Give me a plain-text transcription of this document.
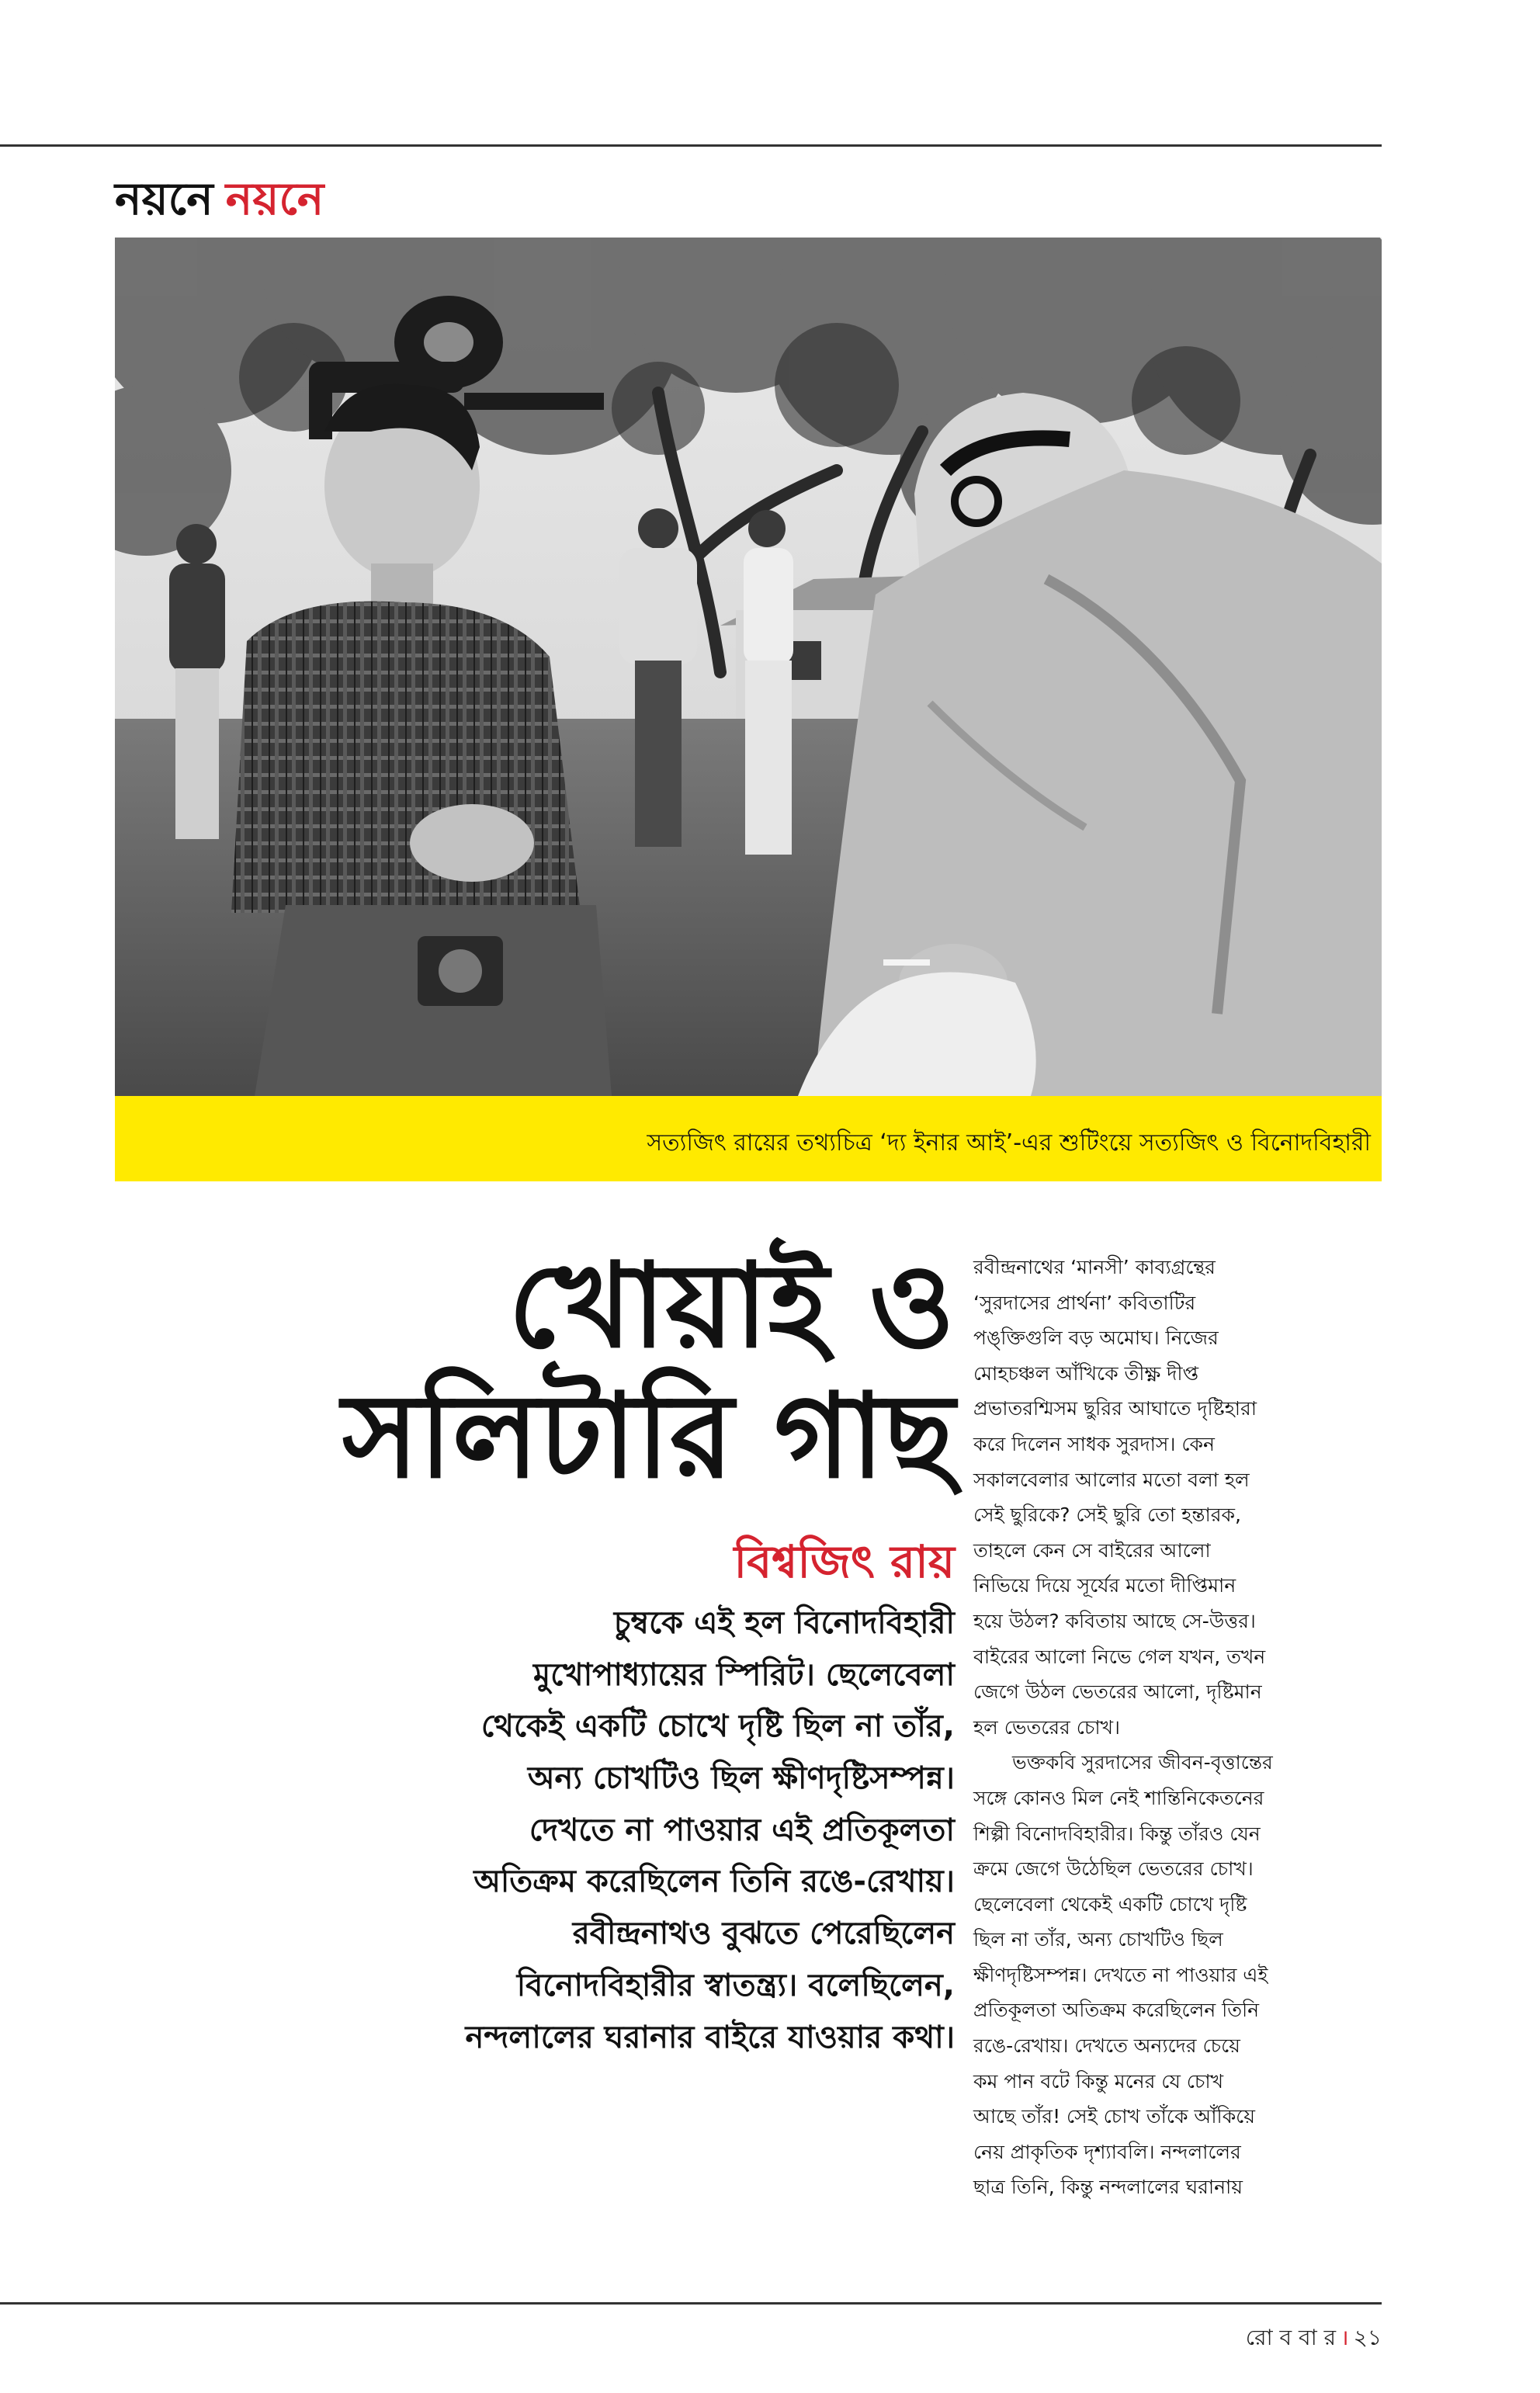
নয়নে নয়নে
সত্যজিৎ রায়ের তথ্যচিত্র ‘দ্য ইনার আই’-এর শুটিংয়ে সত্যজিৎ ও বিনোদবিহারী
খোয়াই ও
সলিটারি গাছ
বিশ্বজিৎ রায়
চুম্বকে এই হল বিনোদবিহারী
মুখোপাধ্যায়ের স্পিরিট। ছেলেবেলা
থেকেই একটি চোখে দৃষ্টি ছিল না তাঁর,
অন্য চোখটিও ছিল ক্ষীণদৃষ্টিসম্পন্ন।
দেখতে না পাওয়ার এই প্রতিকূলতা
অতিক্রম করেছিলেন তিনি রঙে-রেখায়।
রবীন্দ্রনাথও বুঝতে পেরেছিলেন
বিনোদবিহারীর স্বাতন্ত্র্য। বলেছিলেন,
নন্দলালের ঘরানার বাইরে যাওয়ার কথা।
রবীন্দ্রনাথের ‘মানসী’ কাব্যগ্রন্থের
‘সুরদাসের প্রার্থনা’ কবিতাটির
পঙ্‌ক্তিগুলি বড় অমোঘ। নিজের
মোহচঞ্চল আঁখিকে তীক্ষ্ণ দীপ্ত
প্রভাতরশ্মিসম ছুরির আঘাতে দৃষ্টিহারা
করে দিলেন সাধক সুরদাস। কেন
সকালবেলার আলোর মতো বলা হল
সেই ছুরিকে? সেই ছুরি তো হন্তারক,
তাহলে কেন সে বাইরের আলো
নিভিয়ে দিয়ে সূর্যের মতো দীপ্তিমান
হয়ে উঠল? কবিতায় আছে সে-উত্তর।
বাইরের আলো নিভে গেল যখন, তখন
জেগে উঠল ভেতরের আলো, দৃষ্টিমান
হল ভেতরের চোখ।
ভক্তকবি সুরদাসের জীবন-বৃত্তান্তের
সঙ্গে কোনও মিল নেই শান্তিনিকেতনের
শিল্পী বিনোদবিহারীর। কিন্তু তাঁরও যেন
ক্রমে জেগে উঠেছিল ভেতরের চোখ।
ছেলেবেলা থেকেই একটি চোখে দৃষ্টি
ছিল না তাঁর, অন্য চোখটিও ছিল
ক্ষীণদৃষ্টিসম্পন্ন। দেখতে না পাওয়ার এই
প্রতিকূলতা অতিক্রম করেছিলেন তিনি
রঙে-রেখায়। দেখতে অন্যদের চেয়ে
কম পান বটে কিন্তু মনের যে চোখ
আছে তাঁর! সেই চোখ তাঁকে আঁকিয়ে
নেয় প্রাকৃতিক দৃশ্যাবলি। নন্দলালের
ছাত্র তিনি, কিন্তু নন্দলালের ঘরানায়
রো ব বা র । ২১
